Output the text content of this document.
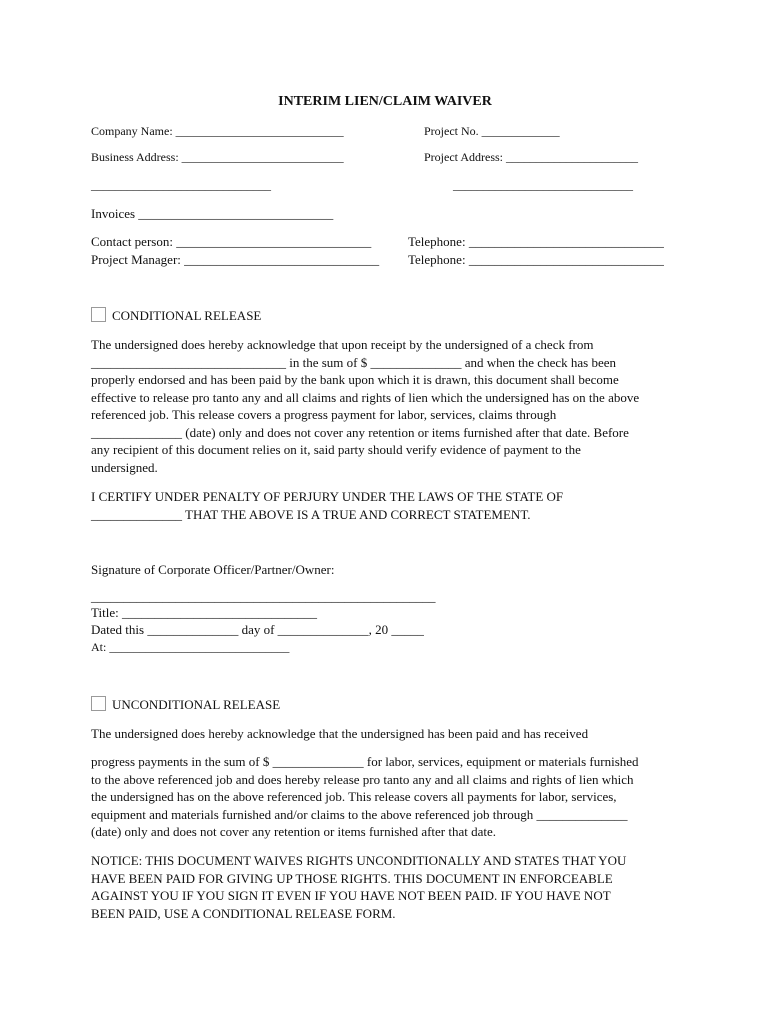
INTERIM LIEN/CLAIM WAIVER
Company Name: ____________________________	Project No. _____________
Business Address: ___________________________	Project Address: ______________________
______________________________	______________________________
Invoices ______________________________
Contact person: ______________________________	Telephone: ______________________________
Project Manager: ______________________________ Telephone: ______________________________
CONDITIONAL RELEASE
The undersigned does hereby acknowledge that upon receipt by the undersigned of a check from
______________________________ in the sum of $ ______________ and when the check has been
properly endorsed and has been paid by the bank upon which it is drawn, this document shall become
effective to release pro tanto any and all claims and rights of lien which the undersigned has on the above
referenced job. This release covers a progress payment for labor, services, claims through
______________ (date) only and does not cover any retention or items furnished after that date. Before
any recipient of this document relies on it, said party should verify evidence of payment to the
undersigned.
I CERTIFY UNDER PENALTY OF PERJURY UNDER THE LAWS OF THE STATE OF
______________ THAT THE ABOVE IS A TRUE AND CORRECT STATEMENT.
Signature of Corporate Officer/Partner/Owner:
_____________________________________________________
Title: ______________________________
Dated this ______________ day of ______________, 20 _____
At: ______________________________
UNCONDITIONAL RELEASE
The undersigned does hereby acknowledge that the undersigned has been paid and has received
progress payments in the sum of $ ______________ for labor, services, equipment or materials furnished
to the above referenced job and does hereby release pro tanto any and all claims and rights of lien which
the undersigned has on the above referenced job. This release covers all payments for labor, services,
equipment and materials furnished and/or claims to the above referenced job through ______________
(date) only and does not cover any retention or items furnished after that date.
NOTICE: THIS DOCUMENT WAIVES RIGHTS UNCONDITIONALLY AND STATES THAT YOU
HAVE BEEN PAID FOR GIVING UP THOSE RIGHTS. THIS DOCUMENT IN ENFORCEABLE
AGAINST YOU IF YOU SIGN IT EVEN IF YOU HAVE NOT BEEN PAID. IF YOU HAVE NOT
BEEN PAID, USE A CONDITIONAL RELEASE FORM.
